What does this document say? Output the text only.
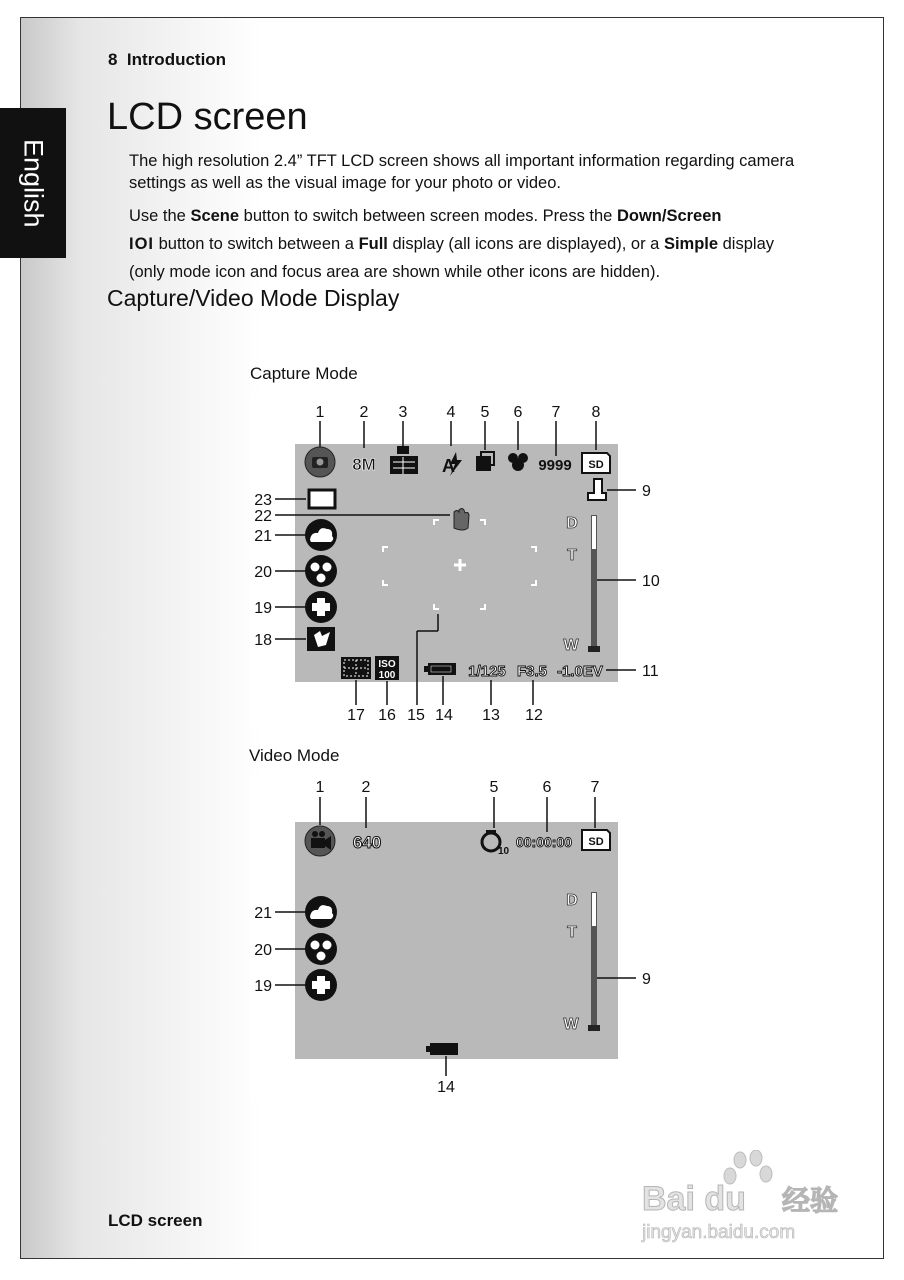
English
8 Introduction
LCD screen

The high resolution 2.4” TFT LCD screen shows all important information regarding camera settings as well as the visual image for your photo or video.

Use the Scene button to switch between screen modes. Press the Down/Screen
IOI button to switch between a Full display (all icons are displayed), or a Simple display (only mode icon and focus area are shown while other icons are hidden).

Capture/Video Mode Display
Capture Mode
1 2 3 4 5 6 7 8
8M	A	9999 SD
9
D
T
W
10
11
23
22
21
20
19
18
ISO
100	1/125 F3.5 -1.0EV
17 16 15 14 13 12
Video Mode
1 2	5	6 7
640	10
00:00:00 SD
D
T
W
9
21
20
19
14
LCD screen
Bai du 经验
jingyan.baidu.com
